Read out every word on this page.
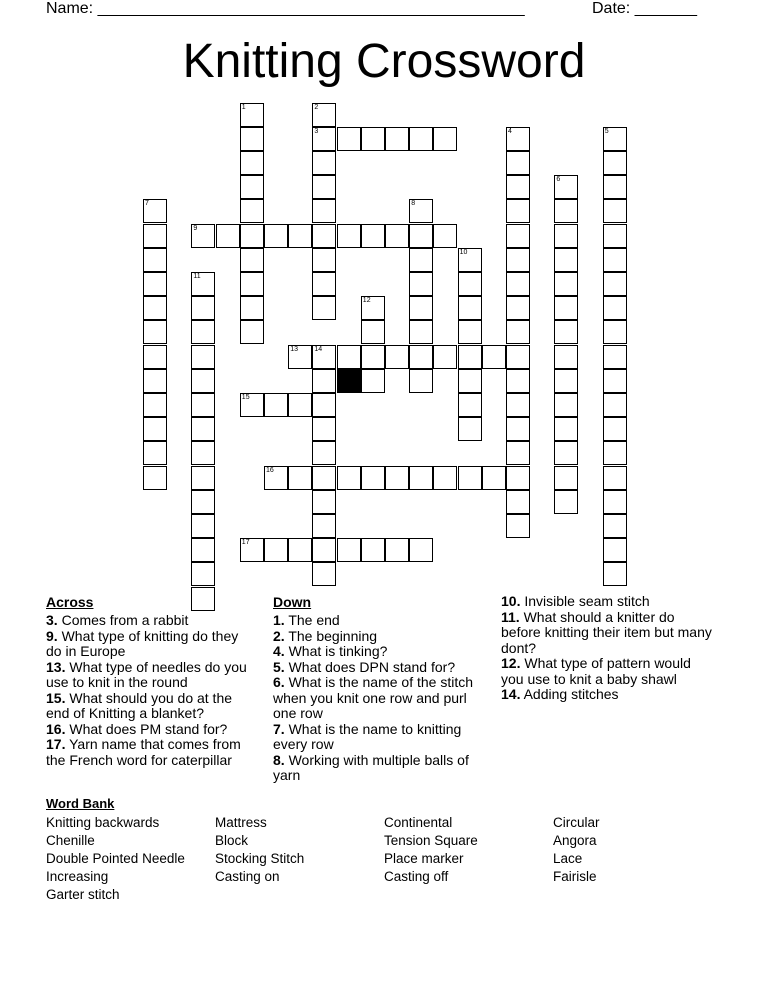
Name: ________________________________________________	Date: _______
Knitting Crossword
1	2
3	4	5
6
7	8
9
10
11
12
13 14
15
16
17
Across

3. Comes from a rabbit

9. What type of knitting do they do in Europe

13. What type of needles do you use to knit in the round

15. What should you do at the end of Knitting a blanket?

16. What does PM stand for?

17. Yarn name that comes from the French word for caterpillar

Down

1. The end

2. The beginning

4. What is tinking?

5. What does DPN stand for?

6. What is the name of the stitch when you knit one row and purl one row

7. What is the name to knitting every row

8. Working with multiple balls of yarn

10. Invisible seam stitch

11. What should a knitter do before knitting their item but many dont?

12. What type of pattern would you use to knit a baby shawl

14. Adding stitches

Word Bank
Knitting backwards
Chenille
Double Pointed Needle
Increasing
Garter stitch
Mattress
Block
Stocking Stitch
Casting on
Continental
Tension Square
Place marker
Casting off
Circular
Angora
Lace
Fairisle
